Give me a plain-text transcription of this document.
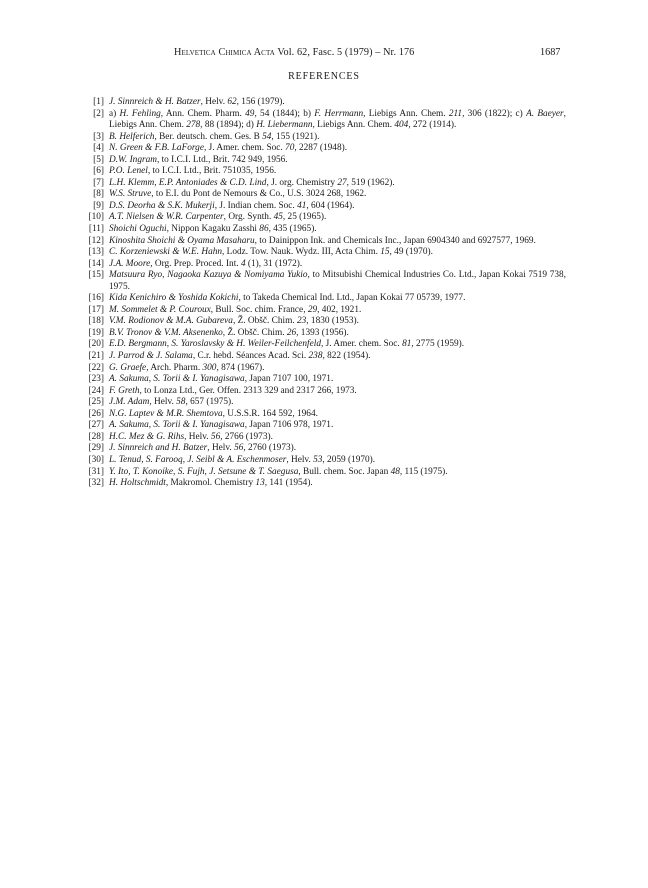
Helvetica Chimica Acta Vol. 62, Fasc. 5 (1979) – Nr. 176	1687
REFERENCES
[1] J. Sinnreich & H. Batzer, Helv. 62, 156 (1979).
[2] a) H. Fehling, Ann. Chem. Pharm. 49, 54 (1844); b) F. Herrmann, Liebigs Ann. Chem. 211, 306 (1822); c) A. Baeyer, Liebigs Ann. Chem. 278, 88 (1894); d) H. Liebermann, Liebigs Ann. Chem. 404, 272 (1914).
[3] B. Helferich, Ber. deutsch. chem. Ges. B 54, 155 (1921).
[4] N. Green & F.B. LaForge, J. Amer. chem. Soc. 70, 2287 (1948).
[5] D.W. Ingram, to I.C.I. Ltd., Brit. 742 949, 1956.
[6] P.O. Lenel, to I.C.I. Ltd., Brit. 751035, 1956.
[7] L.H. Klemm, E.P. Antoniades & C.D. Lind, J. org. Chemistry 27, 519 (1962).
[8] W.S. Struve, to E.I. du Pont de Nemours & Co., U.S. 3024 268, 1962.
[9] D.S. Deorha & S.K. Mukerji, J. Indian chem. Soc. 41, 604 (1964).
[10] A.T. Nielsen & W.R. Carpenter, Org. Synth. 45, 25 (1965).
[11] Shoichi Oguchi, Nippon Kagaku Zasshi 86, 435 (1965).
[12] Kinoshita Shoichi & Oyama Masaharu, to Dainippon Ink. and Chemicals Inc., Japan 6904340 and 6927577, 1969.
[13] C. Korzeniewski & W.E. Hahn, Lodz. Tow. Nauk. Wydz. III, Acta Chim. 15, 49 (1970).
[14] J.A. Moore, Org. Prep. Proced. Int. 4 (1), 31 (1972).
[15] Matsuura Ryo, Nagaoka Kazuya & Nomiyama Yukio, to Mitsubishi Chemical Industries Co. Ltd., Japan Kokai 7519 738, 1975.
[16] Kida Kenichiro & Yoshida Kokichi, to Takeda Chemical Ind. Ltd., Japan Kokai 77 05739, 1977.
[17] M. Sommelet & P. Couroux, Bull. Soc. chim. France, 29, 402, 1921.
[18] V.M. Rodionov & M.A. Gubareva, Ž. Obšč. Chim. 23, 1830 (1953).
[19] B.V. Tronov & V.M. Aksenenko, Ž. Obšč. Chim. 26, 1393 (1956).
[20] E.D. Bergmann, S. Yaroslavsky & H. Weiler-Feilchenfeld, J. Amer. chem. Soc. 81, 2775 (1959).
[21] J. Parrod & J. Salama, C.r. hebd. Séances Acad. Sci. 238, 822 (1954).
[22] G. Graefe, Arch. Pharm. 300, 874 (1967).
[23] A. Sakuma, S. Torii & I. Yanagisawa, Japan 7107 100, 1971.
[24] F. Greth, to Lonza Ltd., Ger. Offen. 2313 329 and 2317 266, 1973.
[25] J.M. Adam, Helv. 58, 657 (1975).
[26] N.G. Laptev & M.R. Shemtova, U.S.S.R. 164 592, 1964.
[27] A. Sakuma, S. Torii & I. Yanagisawa, Japan 7106 978, 1971.
[28] H.C. Mez & G. Rihs, Helv. 56, 2766 (1973).
[29] J. Sinnreich and H. Batzer, Helv. 56, 2760 (1973).
[30] L. Tenud, S. Farooq, J. Seibl & A. Eschenmoser, Helv. 53, 2059 (1970).
[31] Y. Ito, T. Konoike, S. Fujh, J. Setsune & T. Saegusa, Bull. chem. Soc. Japan 48, 115 (1975).
[32] H. Holtschmidt, Makromol. Chemistry 13, 141 (1954).
